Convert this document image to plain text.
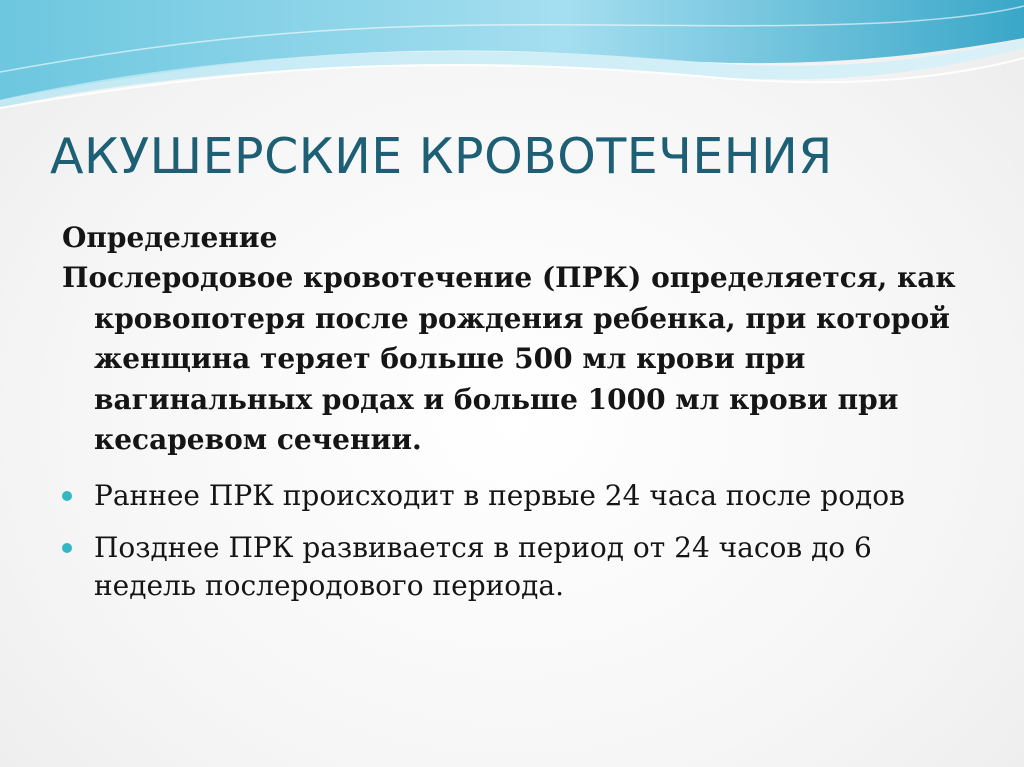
АКУШЕРСКИЕ КРОВОТЕЧЕНИЯ

Определение

Послеродовое кровотечение (ПРК) определяется, как кровопотеря после рождения ребенка, при которой женщина теряет больше 500 мл крови при вагинальных родах и больше 1000 мл крови при кесаревом сечении.

Раннее ПРК происходит в первые 24 часа после родов
Позднее ПРК развивается в период от 24 часов до 6 недель послеродового периода.
